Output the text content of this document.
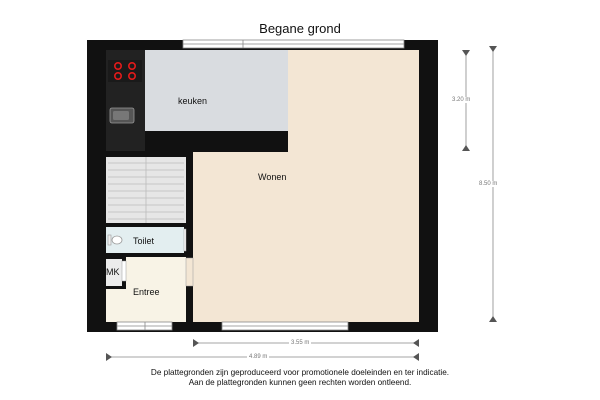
Begane grond
keuken
Wonen
Toilet
MK
Entree
3.20 m
8.50 m
3.55 m
4.89 m
De plattegronden zijn geproduceerd voor promotionele doeleinden en ter indicatie.
Aan de plattegronden kunnen geen rechten worden ontleend.
